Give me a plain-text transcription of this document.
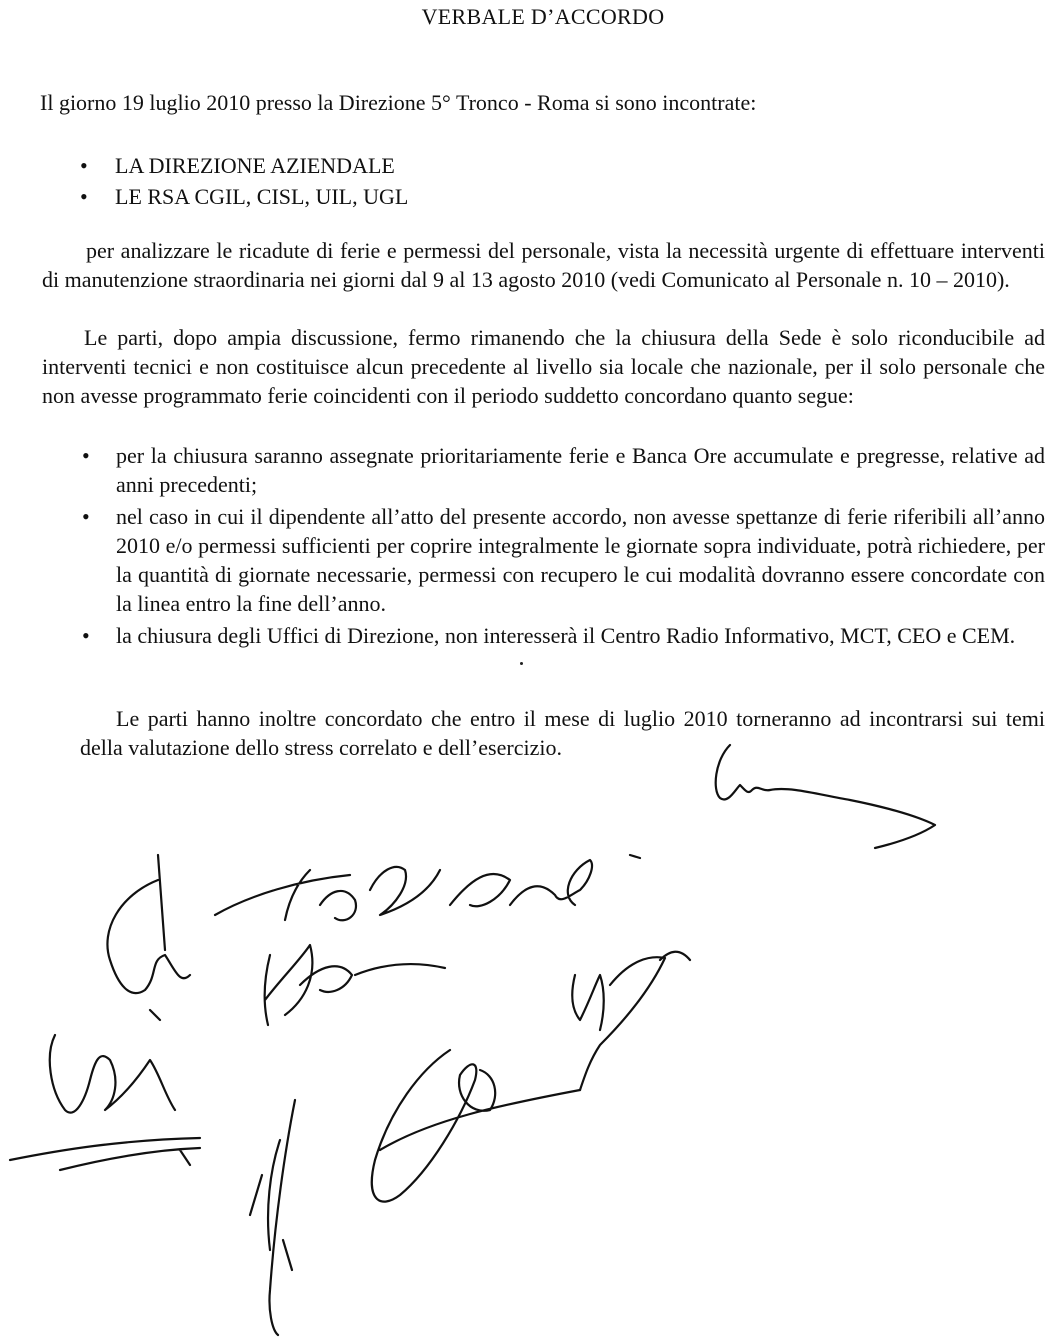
VERBALE D’ACCORDO
Il giorno 19 luglio 2010 presso la Direzione 5° Tronco - Roma si sono incontrate:
• LA DIREZIONE AZIENDALE
• LE RSA CGIL, CISL, UIL, UGL

per analizzare le ricadute di ferie e permessi del personale, vista la necessità urgente di effettuare interventi di manutenzione straordinaria nei giorni dal 9 al 13 agosto 2010 (vedi Comunicato al Personale n. 10 – 2010).

Le parti, dopo ampia discussione, fermo rimanendo che la chiusura della Sede è solo riconducibile ad interventi tecnici e non costituisce alcun precedente al livello sia locale che nazionale, per il solo personale che non avesse programmato ferie coincidenti con il periodo suddetto concordano quanto segue:

• per la chiusura saranno assegnate prioritariamente ferie e Banca Ore accumulate e pregresse, relative ad anni precedenti;
• nel caso in cui il dipendente all’atto del presente accordo, non avesse spettanze di ferie riferibili all’anno 2010 e/o permessi sufficienti per coprire integralmente le giornate sopra individuate, potrà richiedere, per la quantità di giornate necessarie, permessi con recupero le cui modalità dovranno essere concordate con la linea entro la fine dell’anno.
• la chiusura degli Uffici di Direzione, non interesserà il Centro Radio Informativo, MCT, CEO e CEM.

Le parti hanno inoltre concordato che entro il mese di luglio 2010 torneranno ad incontrarsi sui temi della valutazione dello stress correlato e dell’esercizio.
